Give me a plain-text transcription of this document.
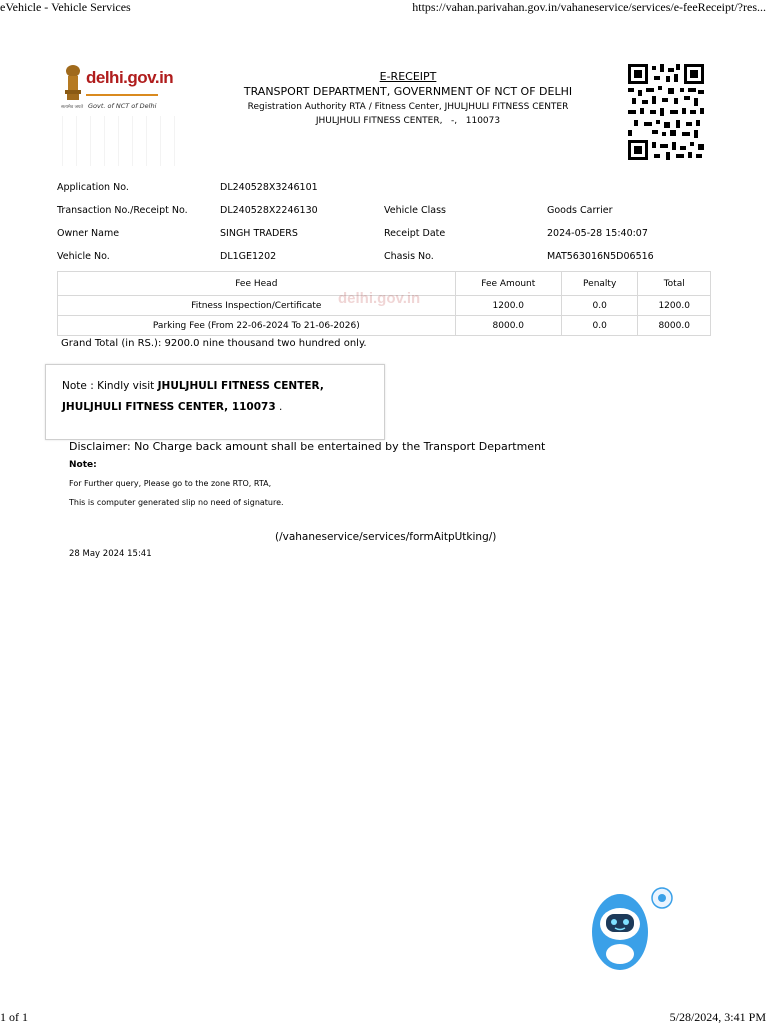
eVehicle - Vehicle Services	https://vahan.parivahan.gov.in/vahaneservice/services/e-feeReceipt/?res...
delhi.gov.in
Govt. of NCT of Delhi
सत्यमेव जयते
E-RECEIPT
TRANSPORT DEPARTMENT, GOVERNMENT OF NCT OF DELHI
Registration Authority RTA / Fitness Center, JHULJHULI FITNESS CENTER
JHULJHULI FITNESS CENTER,   -,   110073
Application No.	DL240528X3246101
Transaction No./Receipt No.	DL240528X2246130	Vehicle Class	Goods Carrier
Owner Name	SINGH TRADERS	Receipt Date	2024-05-28 15:40:07
Vehicle No.	DL1GE1202	Chasis No.	MAT563016N5D06516
Fee Head	Fee Amount	Penalty	Total
Fitness Inspection/Certificate	1200.0	0.0	1200.0
Parking Fee (From 22-06-2024 To 21-06-2026)	8000.0	0.0	8000.0
delhi.gov.in
Grand Total (in RS.): 9200.0 nine thousand two hundred only.
Note : Kindly visit JHULJHULI FITNESS CENTER,
JHULJHULI FITNESS CENTER, 110073 .
Disclaimer: No Charge back amount shall be entertained by the Transport Department
Note:
For Further query, Please go to the zone RTO, RTA,
This is computer generated slip no need of signature.
(/vahaneservice/services/formAitpUtking/)
28 May 2024 15:41
1 of 1	5/28/2024, 3:41 PM
